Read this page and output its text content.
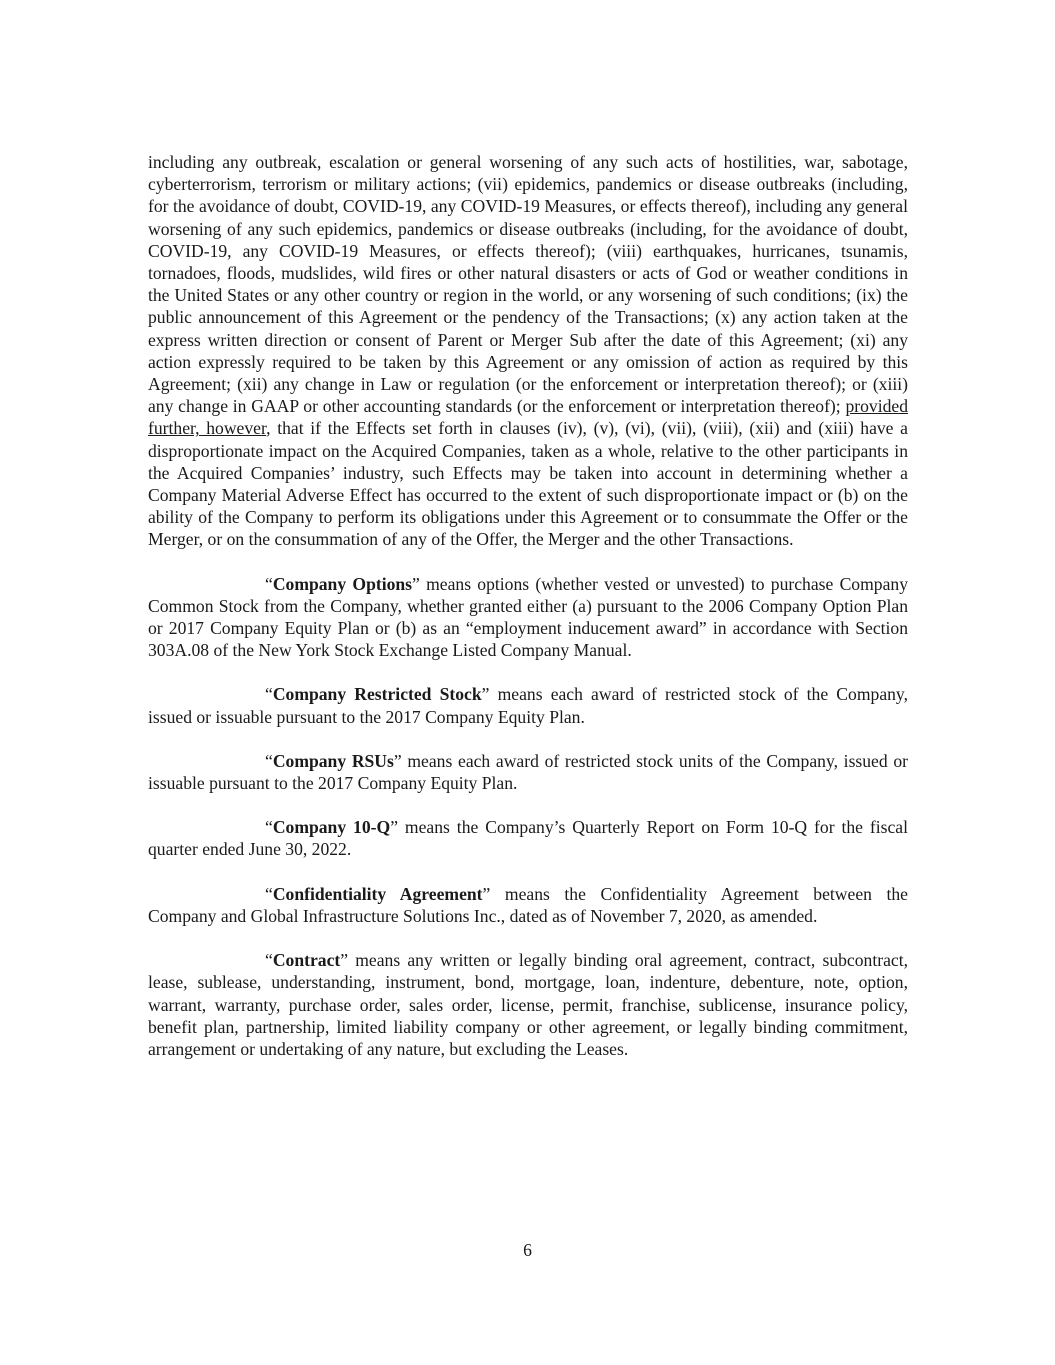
including any outbreak, escalation or general worsening of any such acts of hostilities, war, sabotage, cyberterrorism, terrorism or military actions; (vii) epidemics, pandemics or disease outbreaks (including, for the avoidance of doubt, COVID-19, any COVID-19 Measures, or effects thereof), including any general worsening of any such epidemics, pandemics or disease outbreaks (including, for the avoidance of doubt, COVID-19, any COVID-19 Measures, or effects thereof); (viii) earthquakes, hurricanes, tsunamis, tornadoes, floods, mudslides, wild fires or other natural disasters or acts of God or weather conditions in the United States or any other country or region in the world, or any worsening of such conditions; (ix) the public announcement of this Agreement or the pendency of the Transactions; (x) any action taken at the express written direction or consent of Parent or Merger Sub after the date of this Agreement; (xi) any action expressly required to be taken by this Agreement or any omission of action as required by this Agreement; (xii) any change in Law or regulation (or the enforcement or interpretation thereof); or (xiii) any change in GAAP or other accounting standards (or the enforcement or interpretation thereof); provided further, however, that if the Effects set forth in clauses (iv), (v), (vi), (vii), (viii), (xii) and (xiii) have a disproportionate impact on the Acquired Companies, taken as a whole, relative to the other participants in the Acquired Companies’ industry, such Effects may be taken into account in determining whether a Company Material Adverse Effect has occurred to the extent of such disproportionate impact or (b) on the ability of the Company to perform its obligations under this Agreement or to consummate the Offer or the Merger, or on the consummation of any of the Offer, the Merger and the other Transactions.

“Company Options” means options (whether vested or unvested) to purchase Company Common Stock from the Company, whether granted either (a) pursuant to the 2006 Company Option Plan or 2017 Company Equity Plan or (b) as an “employment inducement award” in accordance with Section 303A.08 of the New York Stock Exchange Listed Company Manual.

“Company Restricted Stock” means each award of restricted stock of the Company, issued or issuable pursuant to the 2017 Company Equity Plan.

“Company RSUs” means each award of restricted stock units of the Company, issued or issuable pursuant to the 2017 Company Equity Plan.

“Company 10-Q” means the Company’s Quarterly Report on Form 10-Q for the fiscal quarter ended June 30, 2022.

“Confidentiality Agreement” means the Confidentiality Agreement between the Company and Global Infrastructure Solutions Inc., dated as of November 7, 2020, as amended.

“Contract” means any written or legally binding oral agreement, contract, subcontract, lease, sublease, understanding, instrument, bond, mortgage, loan, indenture, debenture, note, option, warrant, warranty, purchase order, sales order, license, permit, franchise, sublicense, insurance policy, benefit plan, partnership, limited liability company or other agreement, or legally binding commitment, arrangement or undertaking of any nature, but excluding the Leases.

6
